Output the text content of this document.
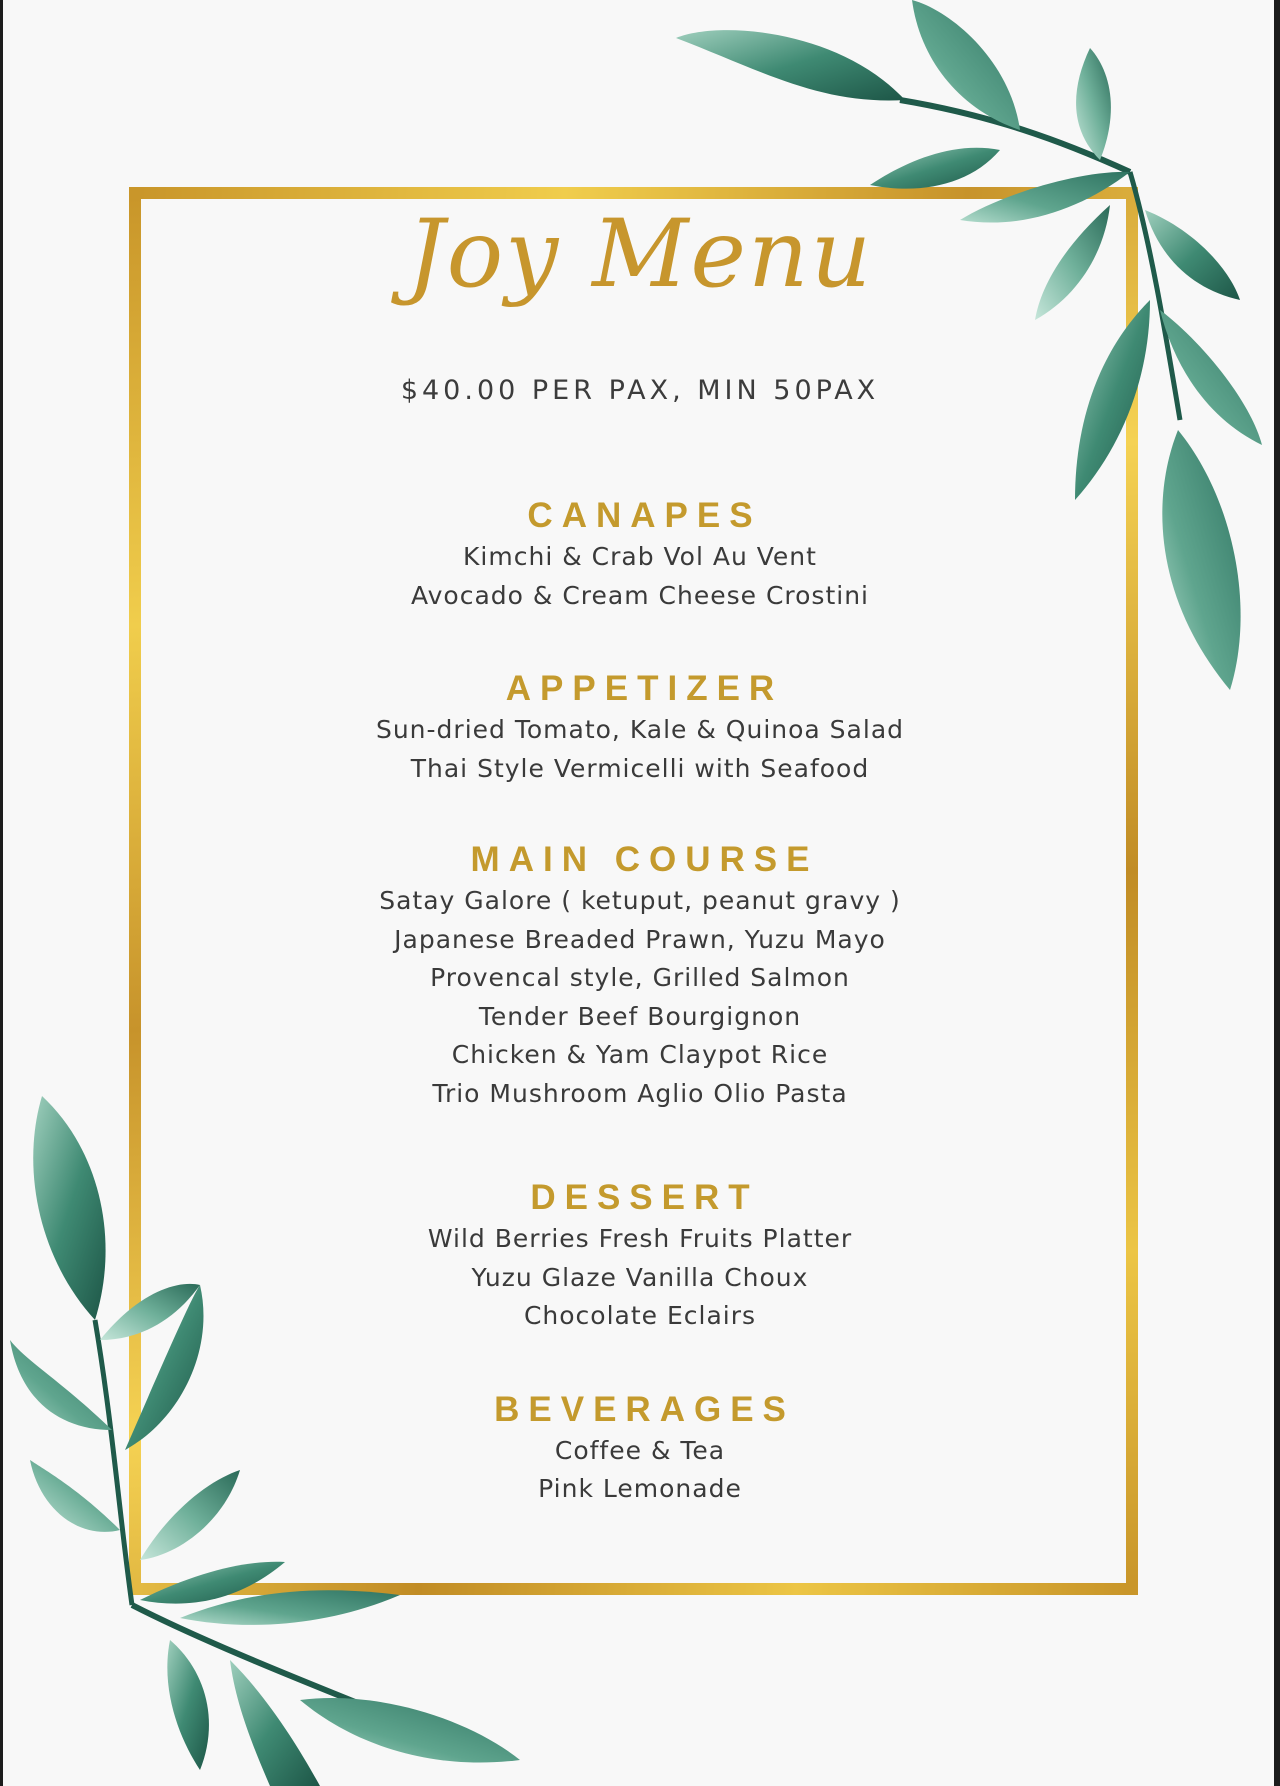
Joy Menu
$40.00 PER PAX, MIN 50PAX
CANAPES
Kimchi & Crab Vol Au Vent
Avocado & Cream Cheese Crostini
APPETIZER
Sun-dried Tomato, Kale & Quinoa Salad
Thai Style Vermicelli with Seafood
MAIN COURSE
Satay Galore ( ketuput, peanut gravy )
Japanese Breaded Prawn, Yuzu Mayo
Provencal style, Grilled Salmon
Tender Beef Bourgignon
Chicken & Yam Claypot Rice
Trio Mushroom Aglio Olio Pasta
DESSERT
Wild Berries Fresh Fruits Platter
Yuzu Glaze Vanilla Choux
Chocolate Eclairs
BEVERAGES
Coffee & Tea
Pink Lemonade
